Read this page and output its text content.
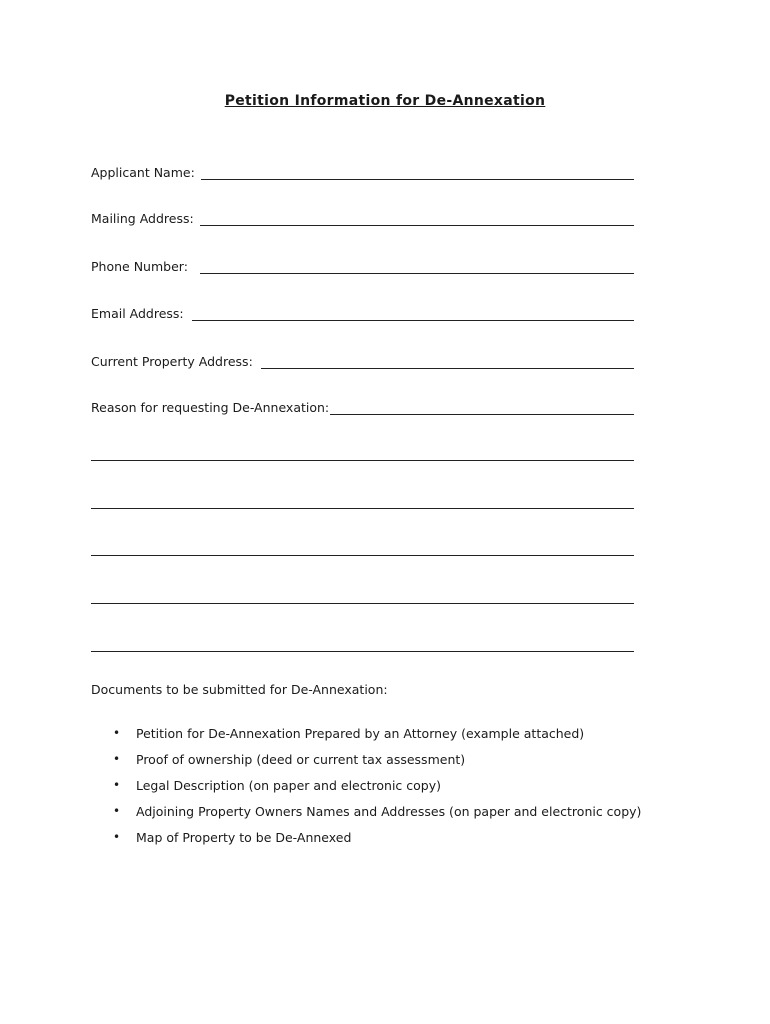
Petition Information for De-Annexation
Applicant Name:
Mailing Address:
Phone Number:
Email Address:
Current Property Address:
Reason for requesting De-Annexation:
Documents to be submitted for De-Annexation:
•	Petition for De-Annexation Prepared by an Attorney (example attached)
•	Proof of ownership (deed or current tax assessment)
•	Legal Description (on paper and electronic copy)
•	Adjoining Property Owners Names and Addresses (on paper and electronic copy)
•	Map of Property to be De-Annexed
